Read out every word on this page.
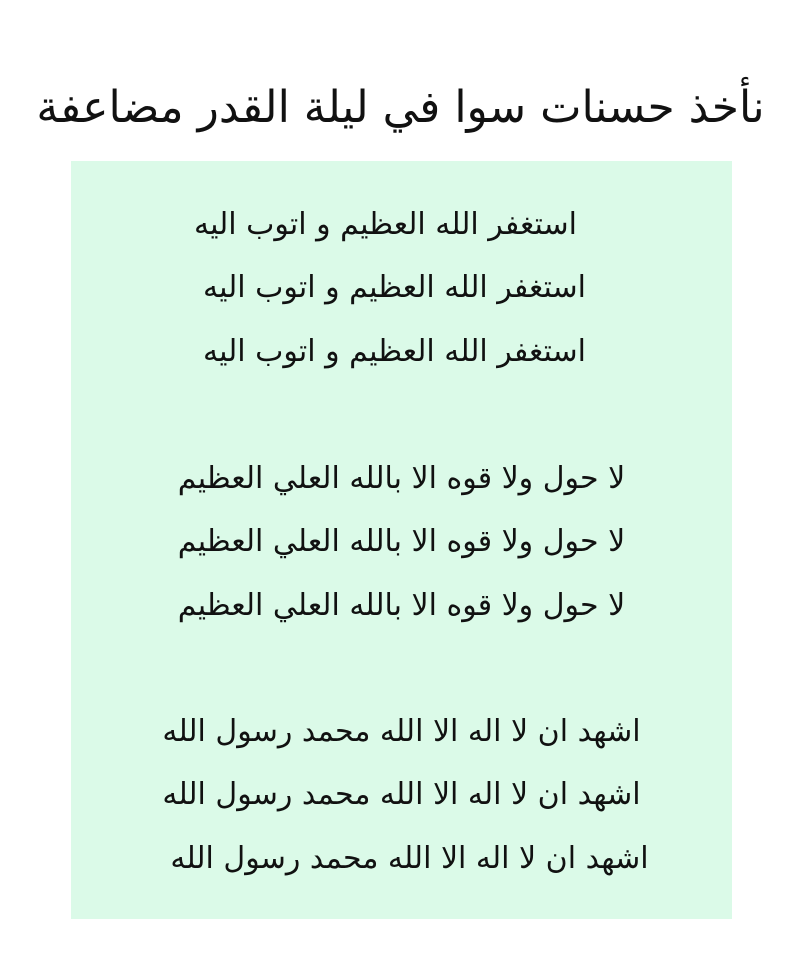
نأخذ حسنات سوا في ليلة القدر مضاعفة

استغفر الله العظيم و اتوب اليه

استغفر الله العظيم و اتوب اليه

استغفر الله العظيم و اتوب اليه

لا حول ولا قوه الا بالله العلي العظيم

لا حول ولا قوه الا بالله العلي العظيم

لا حول ولا قوه الا بالله العلي العظيم

اشهد ان لا اله الا الله محمد رسول الله

اشهد ان لا اله الا الله محمد رسول الله

اشهد ان لا اله الا الله محمد رسول الله
